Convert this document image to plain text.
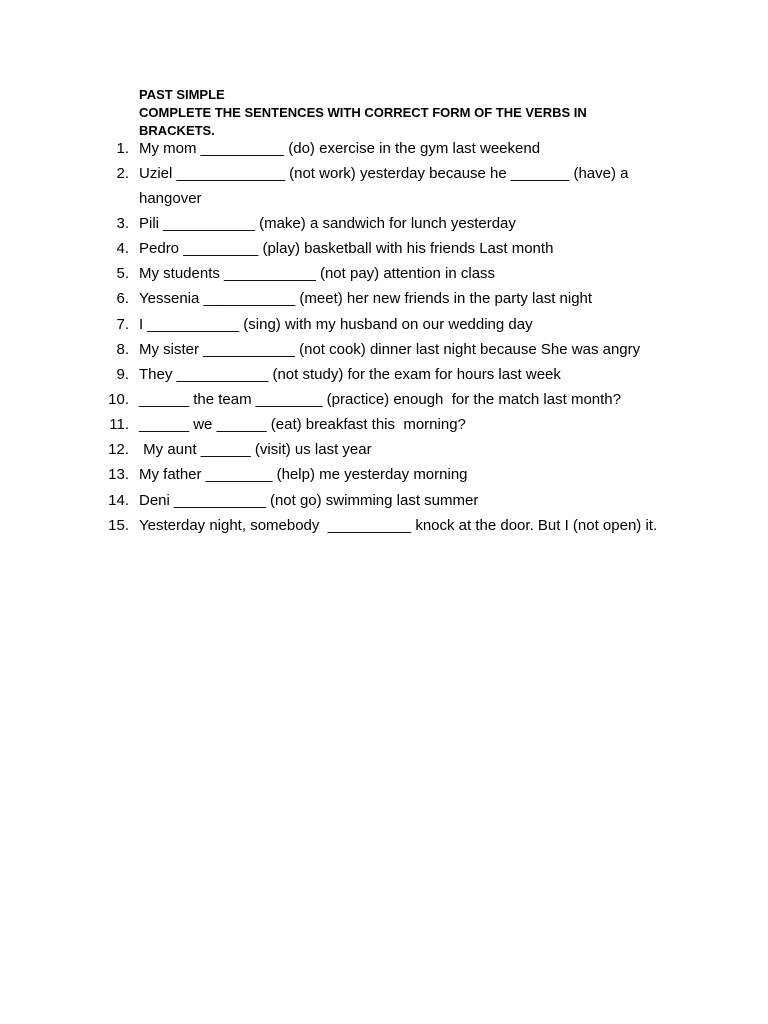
PAST SIMPLE
COMPLETE THE SENTENCES WITH CORRECT FORM OF THE VERBS IN
BRACKETS.
1. My mom __________ (do) exercise in the gym last weekend
2. Uziel _____________ (not work) yesterday because he _______ (have) a
hangover
3. Pili ___________ (make) a sandwich for lunch yesterday
4. Pedro _________ (play) basketball with his friends Last month
5. My students ___________ (not pay) attention in class
6. Yessenia ___________ (meet) her new friends in the party last night
7. I ___________ (sing) with my husband on our wedding day
8. My sister ___________ (not cook) dinner last night because She was angry
9. They ___________ (not study) for the exam for hours last week
10. ______ the team ________ (practice) enough  for the match last month?
11. ______ we ______ (eat) breakfast this  morning?
12. My aunt ______ (visit) us last year
13. My father ________ (help) me yesterday morning
14. Deni ___________ (not go) swimming last summer
15. Yesterday night, somebody  __________ knock at the door. But I (not open) it.
